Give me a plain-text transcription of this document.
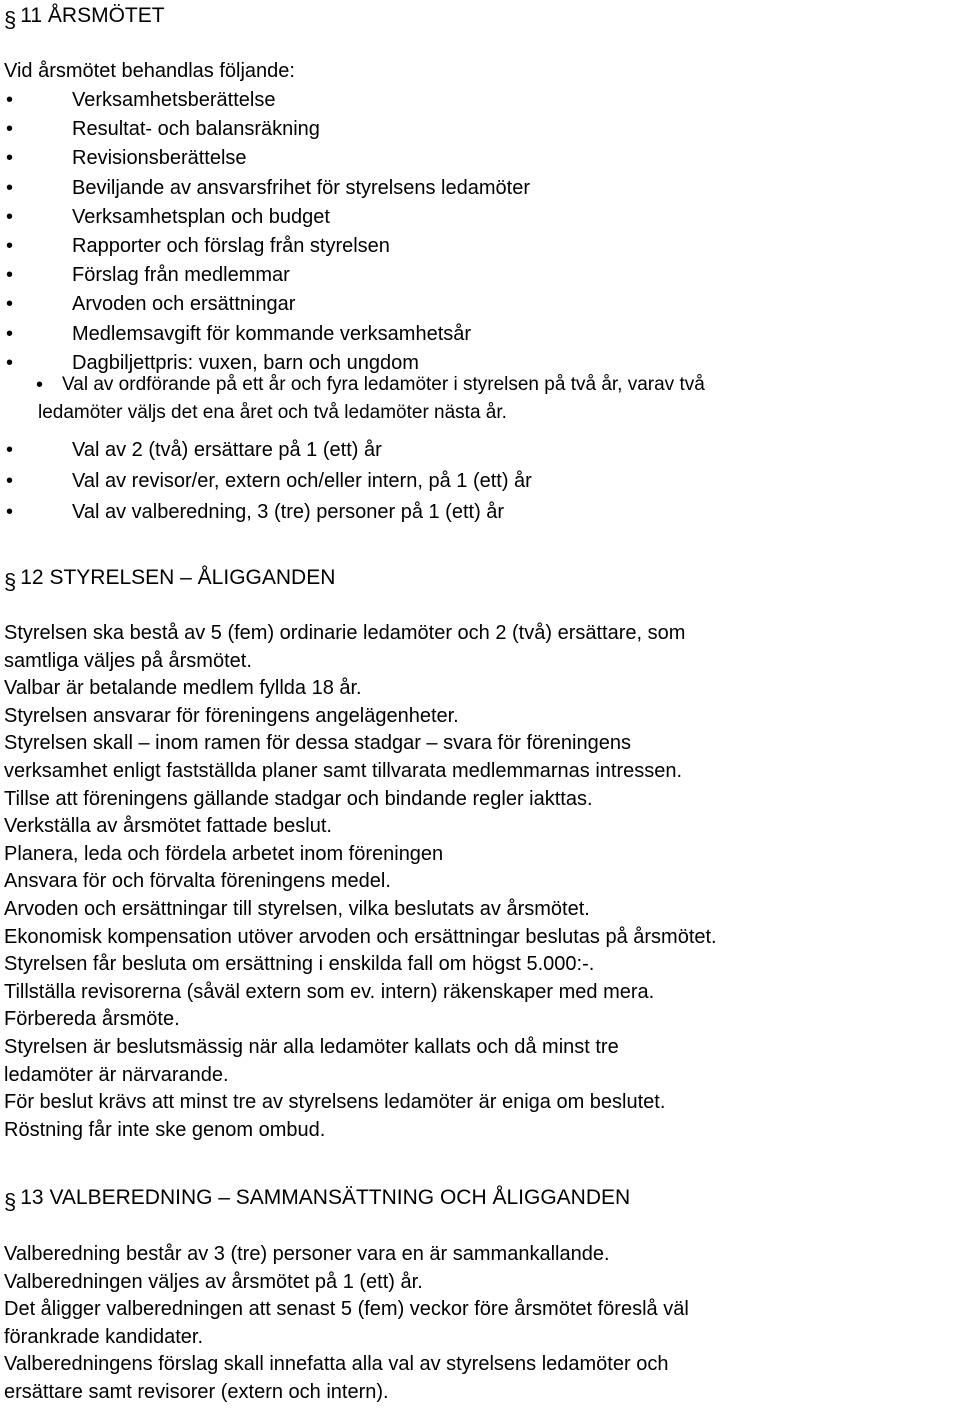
§ 11
ÅRSMÖTET
Vid årsmötet behandlas följande:
•	Verksamhetsberättelse
•	Resultat- och balansräkning
•	Revisionsberättelse
•	Beviljande av ansvarsfrihet för styrelsens ledamöter
•	Verksamhetsplan och budget
•	Rapporter och förslag från styrelsen
•	Förslag från medlemmar
•	Arvoden och ersättningar
•	Medlemsavgift för kommande verksamhetsår
•	Dagbiljettpris: vuxen, barn och ungdom
• Val av ordförande på ett år och fyra ledamöter i styrelsen på två år, varav två
ledamöter väljs det ena året och två ledamöter nästa år.
•	Val av 2 (två) ersättare på 1 (ett) år
•	Val av revisor/er, extern och/eller intern, på 1 (ett) år
•	Val av valberedning, 3 (tre) personer på 1 (ett) år
§ 12
STYRELSEN – ÅLIGGANDEN
Styrelsen ska bestå av 5 (fem) ordinarie ledamöter och 2 (två) ersättare, som
samtliga väljes på årsmötet.
Valbar är betalande medlem fyllda 18 år.
Styrelsen ansvarar för föreningens angelägenheter.
Styrelsen skall – inom ramen för dessa stadgar – svara för föreningens
verksamhet enligt fastställda planer samt tillvarata medlemmarnas intressen.
Tillse att föreningens gällande stadgar och bindande regler iakttas.
Verkställa av årsmötet fattade beslut.
Planera, leda och fördela arbetet inom föreningen
Ansvara för och förvalta föreningens medel.
Arvoden och ersättningar till styrelsen, vilka beslutats av årsmötet.
Ekonomisk kompensation utöver arvoden och ersättningar beslutas på årsmötet.
Styrelsen får besluta om ersättning i enskilda fall om högst 5.000:-.
Tillställa revisorerna (såväl extern som ev. intern) räkenskaper med mera.
Förbereda årsmöte.
Styrelsen är beslutsmässig när alla ledamöter kallats och då minst tre
ledamöter är närvarande.
För beslut krävs att minst tre av styrelsens ledamöter är eniga om beslutet.
Röstning får inte ske genom ombud.
§ 13
VALBEREDNING – SAMMANSÄTTNING OCH ÅLIGGANDEN
Valberedning består av 3 (tre) personer vara en är sammankallande.
Valberedningen väljes av årsmötet på 1 (ett) år.
Det åligger valberedningen att senast 5 (fem) veckor före årsmötet föreslå väl
förankrade kandidater.
Valberedningens förslag skall innefatta alla val av styrelsens ledamöter och
ersättare samt revisorer (extern och intern).
